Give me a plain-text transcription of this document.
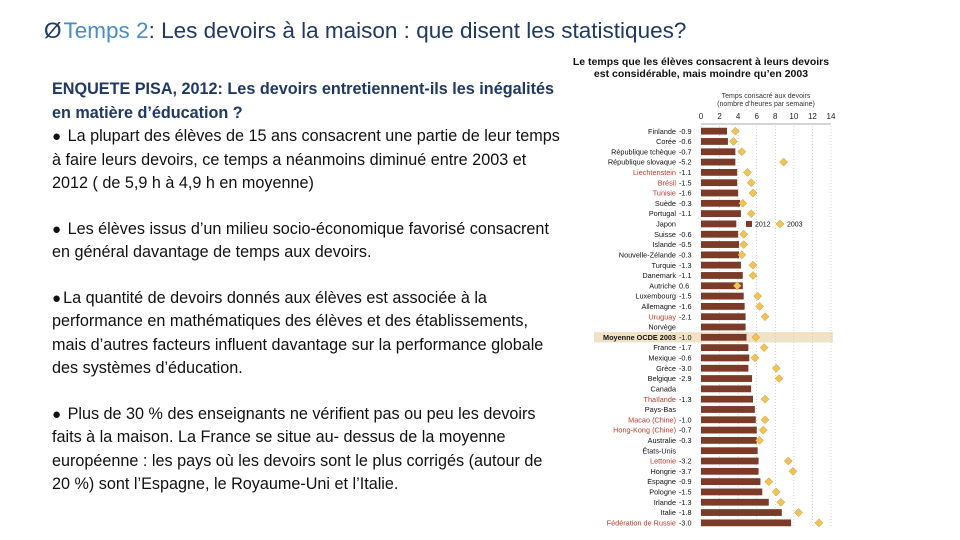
ØTemps 2: Les devoirs à la maison : que disent les statistiques?

ENQUETE PISA, 2012: Les devoirs entretiennent-ils les inégalités en matière d’éducation ?

● La plupart des élèves de 15 ans consacrent une partie de leur temps à faire leurs devoirs, ce temps a néanmoins diminué entre 2003 et 2012 ( de 5,9 h à 4,9 h en moyenne)

● Les élèves issus d’un milieu socio-économique favorisé consacrent en général davantage de temps aux devoirs.

● La quantité de devoirs donnés aux élèves est associée à la performance en mathématiques des élèves et des établissements, mais d’autres facteurs influent davantage sur la performance globale des systèmes d’éducation.

● Plus de 30 % des enseignants ne vérifient pas ou peu les devoirs faits à la maison. La France se situe au- dessus de la moyenne européenne : les pays où les devoirs sont le plus corrigés (autour de 20 %) sont l’Espagne, le Royaume-Uni et l’Italie.

Temps consacré aux devoirs
(nombre d’heures par semaine)
0 2 4 6 8 10 12 14
Finlande -0.9
Corée -0.6
République tchèque -0.7
République slovaque -5.2
Liechtenstein -1.1
Brésil -1.5
Tunisie -1.6
Suède -0.3
Portugal -1.1
Japon
Suisse -0.6
Islande -0.5
Nouvelle-Zélande -0.3
Turquie -1.3
Danemark -1.1
Autriche 0.6
Luxembourg -1.5
Allemagne -1.6
Uruguay -2.1
Norvège
Moyenne OCDE 2003 -1.0
France -1.7
Mexique -0.6
Grèce -3.0
Belgique -2.9
Canada
Thaïlande -1.3
Pays-Bas
Macao (Chine) -1.0
Hong-Kong (Chine) -0.7
Australie -0.3
États-Unis
Lettonie -3.2
Hongrie -3.7
Espagne -0.9
Pologne -1.5
Irlande -1.3
Italie -1.8
Fédération de Russie -3.0
2012 2003
Le temps que les élèves consacrent à leurs devoirs est considérable, mais moindre qu’en 2003
